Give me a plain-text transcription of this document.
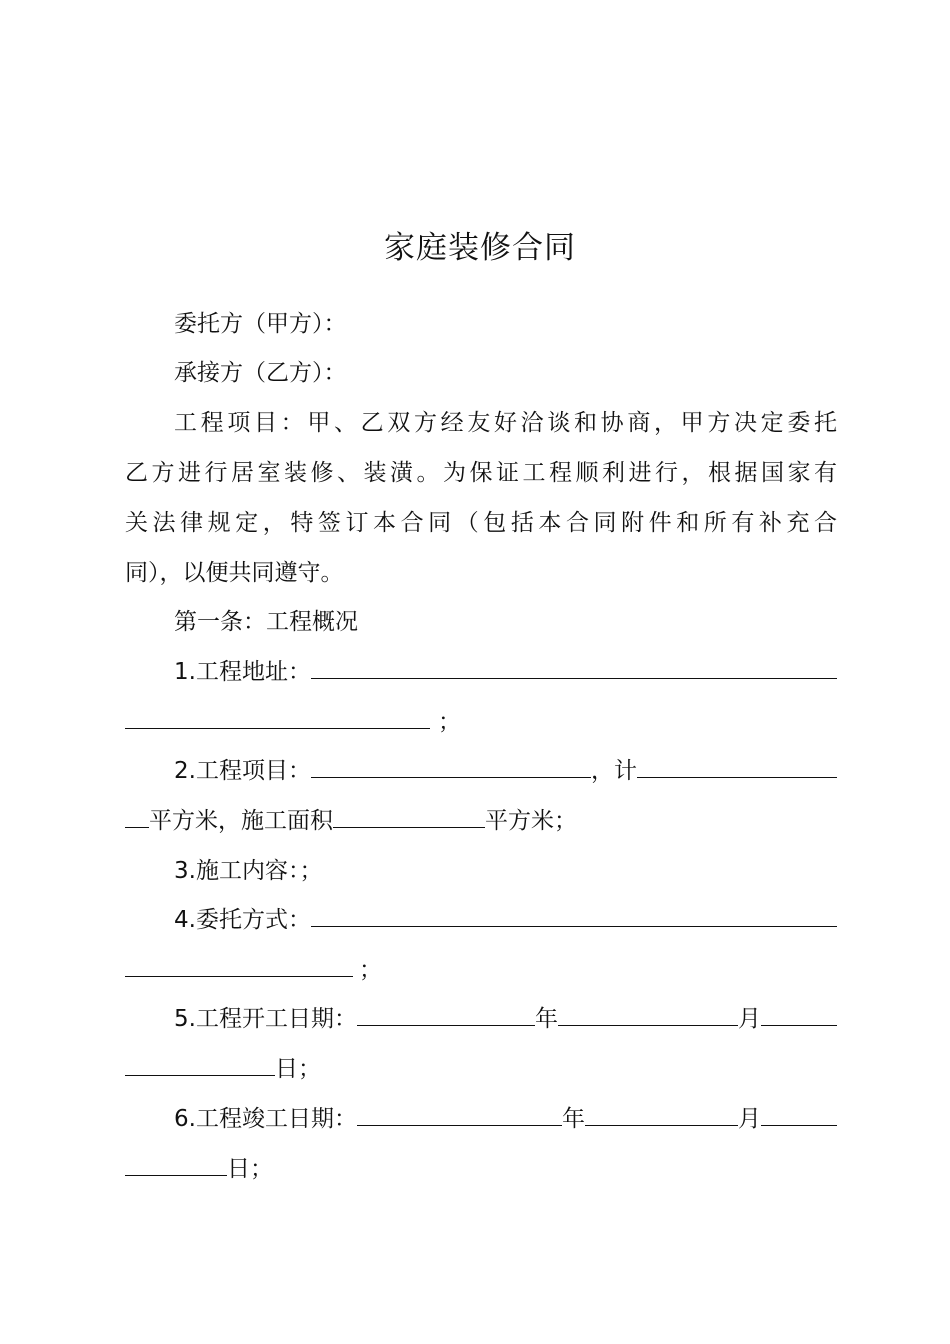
家庭装修合同
委托方（甲方）：
承接方（乙方）：
工程项目：甲、乙双方经友好洽谈和协商，甲方决定委托
乙方进行居室装修、装潢。为保证工程顺利进行，根据国家有
关法律规定，特签订本合同（包括本合同附件和所有补充合
同），以便共同遵守。
第一条：工程概况
1.工程地址：
；
2.工程项目：	，计
平方米，施工面积	平方米；
3.施工内容：；
4.委托方式：
；
5.工程开工日期：	年	月
日；
6.工程竣工日期：	年	月
日；
